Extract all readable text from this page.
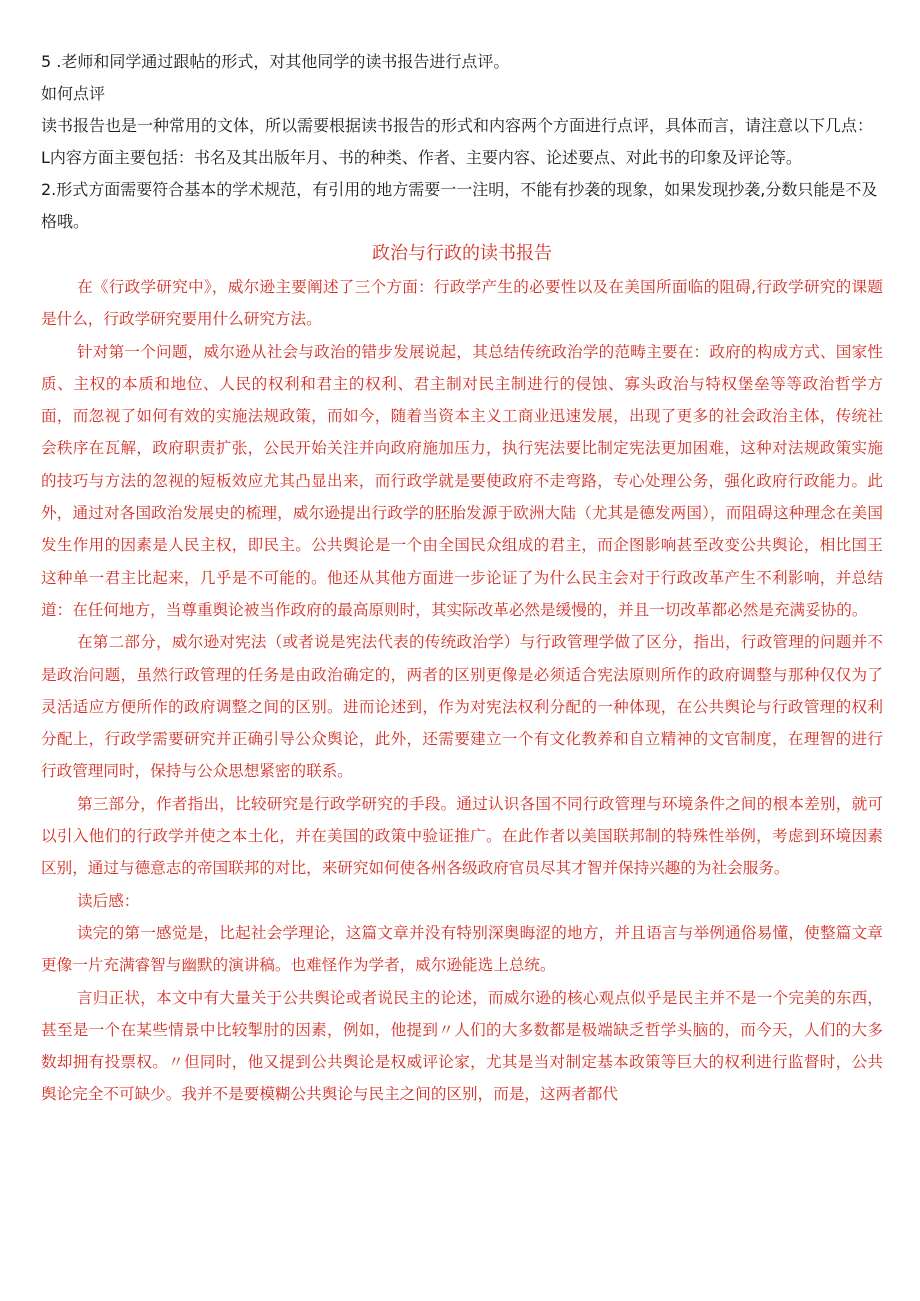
5 .老师和同学通过跟帖的形式，对其他同学的读书报告进行点评。

如何点评

读书报告也是一种常用的文体，所以需要根据读书报告的形式和内容两个方面进行点评，具体而言，请注意以下几点：

L内容方面主要包括：书名及其出版年月、书的种类、作者、主要内容、论述要点、对此书的印象及评论等。

2.形式方面需要符合基本的学术规范，有引用的地方需要一一注明，不能有抄袭的现象，如果发现抄袭,分数只能是不及格哦。

政治与行政的读书报告

在《行政学研究中》，威尔逊主要阐述了三个方面：行政学产生的必要性以及在美国所面临的阻碍,行政学研究的课题是什么，行政学研究要用什么研究方法。

针对第一个问题，威尔逊从社会与政治的错步发展说起，其总结传统政治学的范畴主要在：政府的构成方式、国家性质、主权的本质和地位、人民的权利和君主的权利、君主制对民主制进行的侵蚀、寡头政治与特权堡垒等等政治哲学方面，而忽视了如何有效的实施法规政策，而如今，随着当资本主义工商业迅速发展，出现了更多的社会政治主体，传统社会秩序在瓦解，政府职责扩张，公民开始关注并向政府施加压力，执行宪法要比制定宪法更加困难，这种对法规政策实施的技巧与方法的忽视的短板效应尤其凸显出来，而行政学就是要使政府不走弯路，专心处理公务，强化政府行政能力。此外，通过对各国政治发展史的梳理，威尔逊提出行政学的胚胎发源于欧洲大陆（尤其是德发两国），而阻碍这种理念在美国发生作用的因素是人民主权，即民主。公共舆论是一个由全国民众组成的君主，而企图影响甚至改变公共舆论，相比国王这种单一君主比起来，几乎是不可能的。他还从其他方面进一步论证了为什么民主会对于行政改革产生不利影响，并总结道：在任何地方，当尊重舆论被当作政府的最高原则时，其实际改革必然是缓慢的，并且一切改革都必然是充满妥协的。

在第二部分，威尔逊对宪法（或者说是宪法代表的传统政治学）与行政管理学做了区分，指出，行政管理的问题并不是政治问题，虽然行政管理的任务是由政治确定的，两者的区别更像是必须适合宪法原则所作的政府调整与那种仅仅为了灵活适应方便所作的政府调整之间的区别。进而论述到，作为对宪法权利分配的一种体现，在公共舆论与行政管理的权利分配上，行政学需要研究并正确引导公众舆论，此外，还需要建立一个有文化教养和自立精神的文官制度，在理智的进行行政管理同时，保持与公众思想紧密的联系。

第三部分，作者指出，比较研究是行政学研究的手段。通过认识各国不同行政管理与环境条件之间的根本差别，就可以引入他们的行政学并使之本土化，并在美国的政策中验证推广。在此作者以美国联邦制的特殊性举例，考虑到环境因素区别，通过与德意志的帝国联邦的对比，来研究如何使各州各级政府官员尽其才智并保持兴趣的为社会服务。

读后感：

读完的第一感觉是，比起社会学理论，这篇文章并没有特别深奥晦涩的地方，并且语言与举例通俗易懂，使整篇文章更像一片充满睿智与幽默的演讲稿。也难怪作为学者，威尔逊能选上总统。

言归正状，本文中有大量关于公共舆论或者说民主的论述，而威尔逊的核心观点似乎是民主并不是一个完美的东西，甚至是一个在某些情景中比较掣肘的因素，例如，他提到〃人们的大多数都是极端缺乏哲学头脑的，而今天，人们的大多数却拥有投票权。〃但同时，他又提到公共舆论是权威评论家，尤其是当对制定基本政策等巨大的权利进行监督时，公共舆论完全不可缺少。我并不是要模糊公共舆论与民主之间的区别，而是，这两者都代
